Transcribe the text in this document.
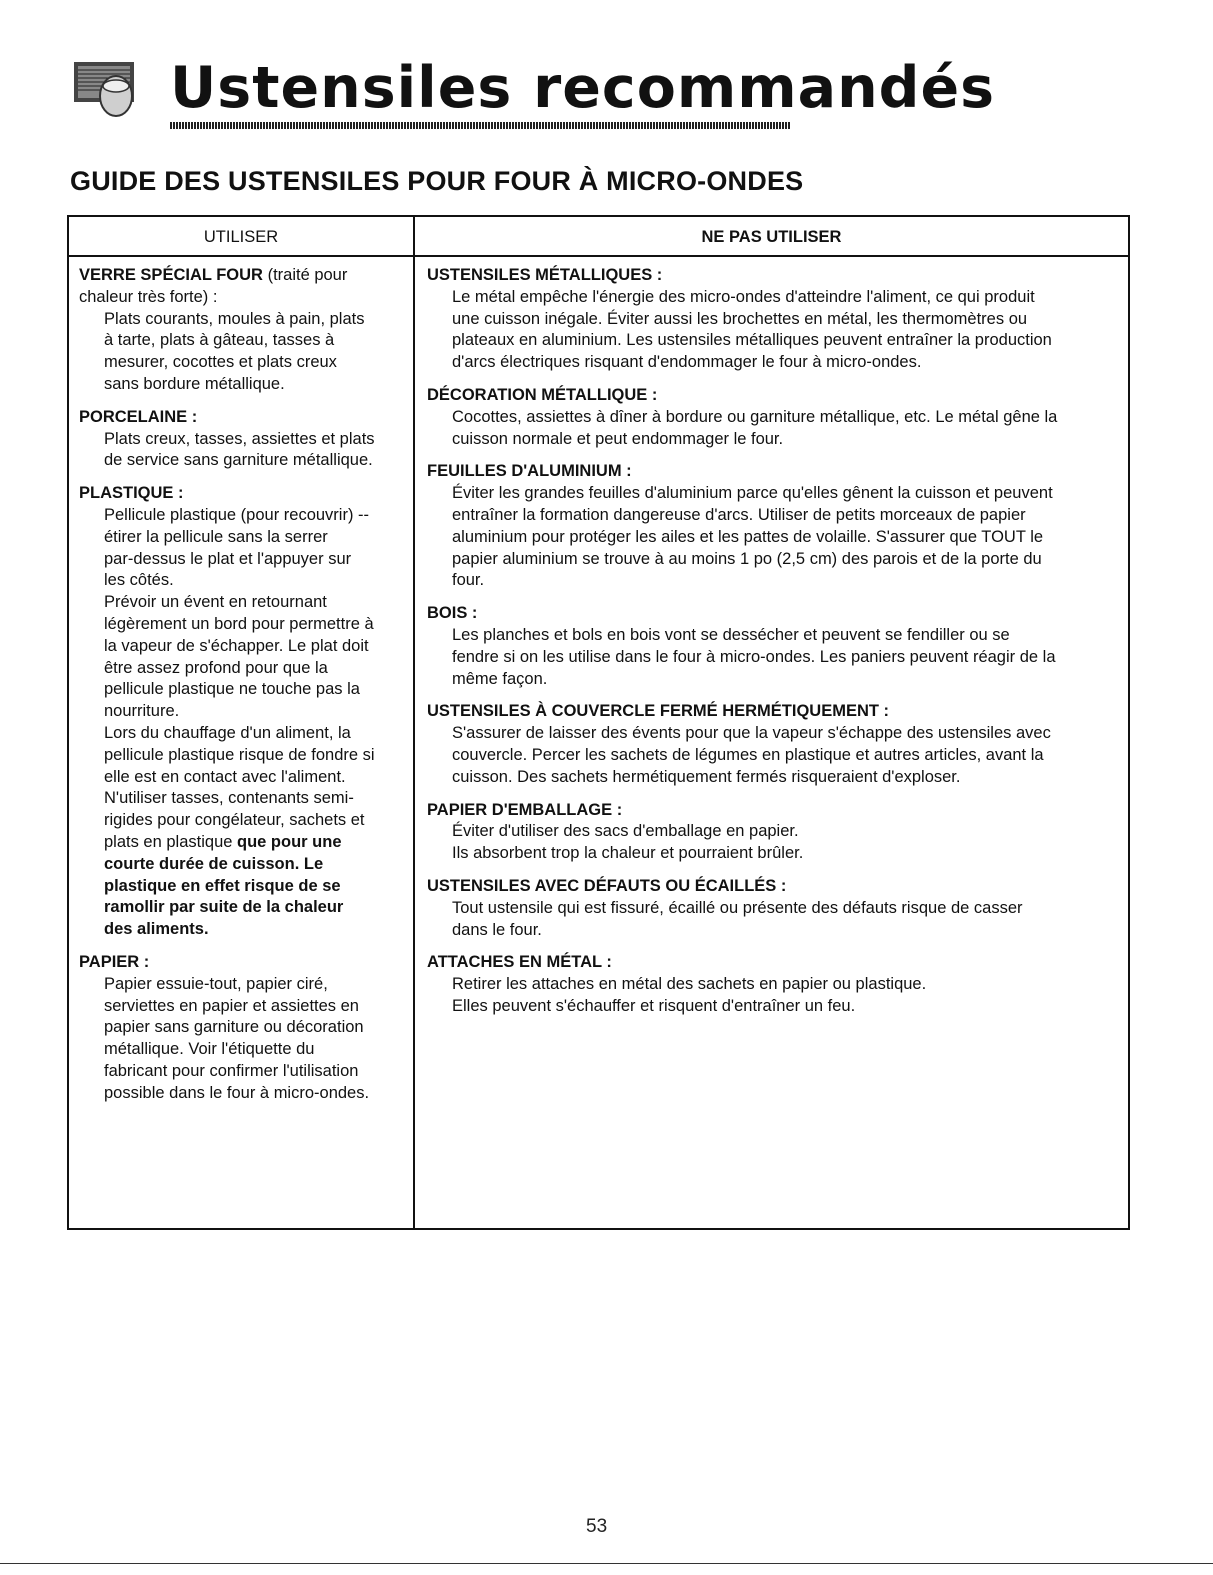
Ustensiles recommandés
GUIDE DES USTENSILES POUR FOUR À MICRO-ONDES
UTILISER	NE PAS UTILISER
VERRE SPÉCIAL FOUR (traité pour
chaleur très forte) :
Plats courants, moules à pain, plats
à tarte, plats à gâteau, tasses à
mesurer, cocottes et plats creux
sans bordure métallique.
PORCELAINE :
Plats creux, tasses, assiettes et plats
de service sans garniture métallique.
PLASTIQUE :
Pellicule plastique (pour recouvrir) --
étirer la pellicule sans la serrer
par-dessus le plat et l'appuyer sur
les côtés.
Prévoir un évent en retournant
légèrement un bord pour permettre à
la vapeur de s'échapper. Le plat doit
être assez profond pour que la
pellicule plastique ne touche pas la
nourriture.
Lors du chauffage d'un aliment, la
pellicule plastique risque de fondre si
elle est en contact avec l'aliment.
N'utiliser tasses, contenants semi-
rigides pour congélateur, sachets et
plats en plastique que pour une
courte durée de cuisson. Le
plastique en effet risque de se
ramollir par suite de la chaleur
des aliments.
PAPIER :
Papier essuie-tout, papier ciré,
serviettes en papier et assiettes en
papier sans garniture ou décoration
métallique. Voir l'étiquette du
fabricant pour confirmer l'utilisation
possible dans le four à micro-ondes.
USTENSILES MÉTALLIQUES :
Le métal empêche l'énergie des micro-ondes d'atteindre l'aliment, ce qui produit
une cuisson inégale. Éviter aussi les brochettes en métal, les thermomètres ou
plateaux en aluminium. Les ustensiles métalliques peuvent entraîner la production
d'arcs électriques risquant d'endommager le four à micro-ondes.
DÉCORATION MÉTALLIQUE :
Cocottes, assiettes à dîner à bordure ou garniture métallique, etc. Le métal gêne la
cuisson normale et peut endommager le four.
FEUILLES D'ALUMINIUM :
Éviter les grandes feuilles d'aluminium parce qu'elles gênent la cuisson et peuvent
entraîner la formation dangereuse d'arcs. Utiliser de petits morceaux de papier
aluminium pour protéger les ailes et les pattes de volaille. S'assurer que TOUT le
papier aluminium se trouve à au moins 1 po (2,5 cm) des parois et de la porte du
four.
BOIS :
Les planches et bols en bois vont se dessécher et peuvent se fendiller ou se
fendre si on les utilise dans le four à micro-ondes. Les paniers peuvent réagir de la
même façon.
USTENSILES À COUVERCLE FERMÉ HERMÉTIQUEMENT :
S'assurer de laisser des évents pour que la vapeur s'échappe des ustensiles avec
couvercle. Percer les sachets de légumes en plastique et autres articles, avant la
cuisson. Des sachets hermétiquement fermés risqueraient d'exploser.
PAPIER D'EMBALLAGE :
Éviter d'utiliser des sacs d'emballage en papier.
Ils absorbent trop la chaleur et pourraient brûler.
USTENSILES AVEC DÉFAUTS OU ÉCAILLÉS :
Tout ustensile qui est fissuré, écaillé ou présente des défauts risque de casser
dans le four.
ATTACHES EN MÉTAL :
Retirer les attaches en métal des sachets en papier ou plastique.
Elles peuvent s'échauffer et risquent d'entraîner un feu.
53
